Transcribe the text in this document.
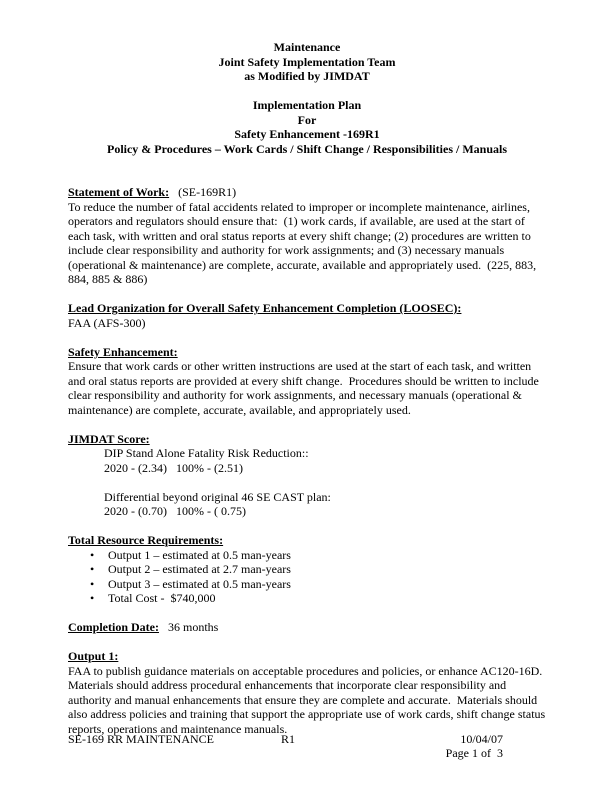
Maintenance
Joint Safety Implementation Team
as Modified by JIMDAT
Implementation Plan
For
Safety Enhancement -169R1
Policy & Procedures – Work Cards / Shift Change / Responsibilities / Manuals
Statement of Work: (SE-169R1)
To reduce the number of fatal accidents related to improper or incomplete maintenance, airlines, operators and regulators should ensure that:  (1) work cards, if available, are used at the start of each task, with written and oral status reports at every shift change; (2) procedures are written to include clear responsibility and authority for work assignments; and (3) necessary manuals (operational & maintenance) are complete, accurate, available and appropriately used.  (225, 883, 884, 885 & 886)
Lead Organization for Overall Safety Enhancement Completion (LOOSEC):
FAA (AFS-300)
Safety Enhancement:
Ensure that work cards or other written instructions are used at the start of each task, and written and oral status reports are provided at every shift change.  Procedures should be written to include clear responsibility and authority for work assignments, and necessary manuals (operational & maintenance) are complete, accurate, available, and appropriately used.
JIMDAT Score:
DIP Stand Alone Fatality Risk Reduction::
2020 - (2.34)   100% - (2.51)
Differential beyond original 46 SE CAST plan:
2020 - (0.70)   100% - ( 0.75)
Total Resource Requirements:
•	Output 1 – estimated at 0.5 man-years
•	Output 2 – estimated at 2.7 man-years
•	Output 3 – estimated at 0.5 man-years
•	Total Cost -  $740,000
Completion Date: 36 months
Output 1:
FAA to publish guidance materials on acceptable procedures and policies, or enhance AC120-16D.  Materials should address procedural enhancements that incorporate clear responsibility and authority and manual enhancements that ensure they are complete and accurate.  Materials should also address policies and training that support the appropriate use of work cards, shift change status reports, operations and maintenance manuals.
SE-169 RR MAINTENANCE	R1	10/04/07
Page 1 of  3
